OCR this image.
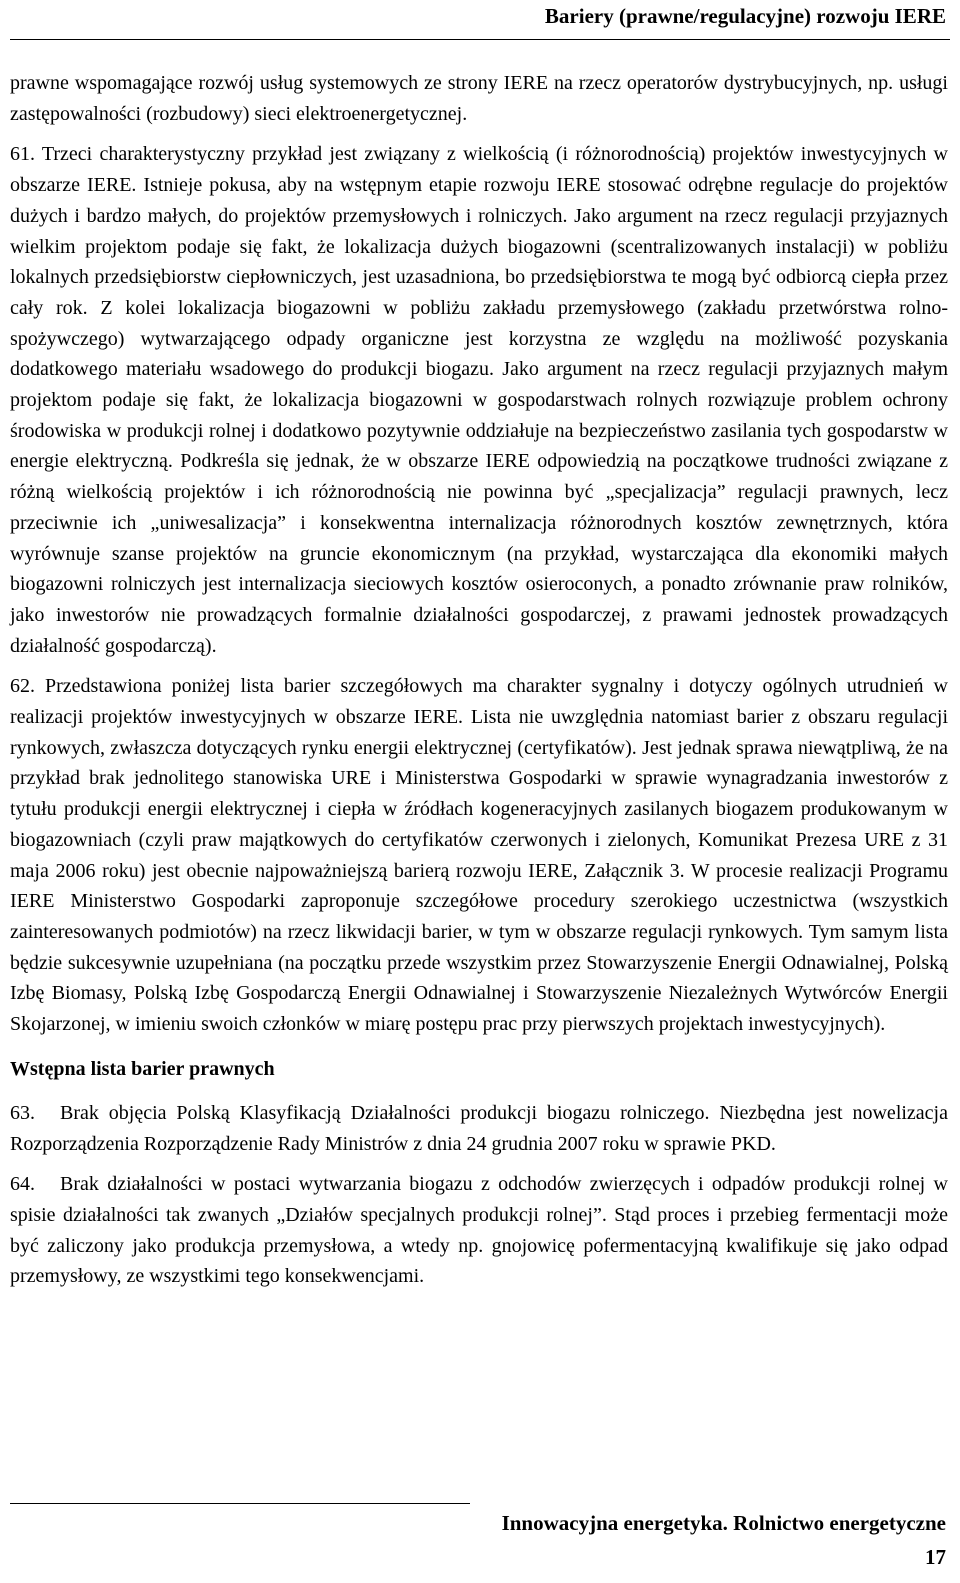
Bariery (prawne/regulacyjne) rozwoju IERE

prawne wspomagające rozwój usług systemowych ze strony IERE na rzecz operatorów dystrybucyjnych, np. usługi zastępowalności (rozbudowy) sieci elektroenergetycznej.

61. Trzeci charakterystyczny przykład jest związany z wielkością (i różnorodnością) projektów inwestycyjnych w obszarze IERE. Istnieje pokusa, aby na wstępnym etapie rozwoju IERE stosować odrębne regulacje do projektów dużych i bardzo małych, do projektów przemysłowych i rolniczych. Jako argument na rzecz regulacji przyjaznych wielkim projektom podaje się fakt, że lokalizacja dużych biogazowni (scentralizowanych instalacji) w pobliżu lokalnych przedsiębiorstw ciepłowniczych, jest uzasadniona, bo przedsiębiorstwa te mogą być odbiorcą ciepła przez cały rok. Z kolei lokalizacja biogazowni w pobliżu zakładu przemysłowego (zakładu przetwórstwa rolno-spożywczego) wytwarzającego odpady organiczne jest korzystna ze względu na możliwość pozyskania dodatkowego materiału wsadowego do produkcji biogazu. Jako argument na rzecz regulacji przyjaznych małym projektom podaje się fakt, że lokalizacja biogazowni w gospodarstwach rolnych rozwiązuje problem ochrony środowiska w produkcji rolnej i dodatkowo pozytywnie oddziałuje na bezpieczeństwo zasilania tych gospodarstw w energie elektryczną. Podkreśla się jednak, że w obszarze IERE odpowiedzią na początkowe trudności związane z różną wielkością projektów i ich różnorodnością nie powinna być „specjalizacja” regulacji prawnych, lecz przeciwnie ich „uniwesalizacja” i konsekwentna internalizacja różnorodnych kosztów zewnętrznych, która wyrównuje szanse projektów na gruncie ekonomicznym (na przykład, wystarczająca dla ekonomiki małych biogazowni rolniczych jest internalizacja sieciowych kosztów osieroconych, a ponadto zrównanie praw rolników, jako inwestorów nie prowadzących formalnie działalności gospodarczej, z prawami jednostek prowadzących działalność gospodarczą).

62. Przedstawiona poniżej lista barier szczegółowych ma charakter sygnalny i dotyczy ogólnych utrudnień w realizacji projektów inwestycyjnych w obszarze IERE. Lista nie uwzględnia natomiast barier z obszaru regulacji rynkowych, zwłaszcza dotyczących rynku energii elektrycznej (certyfikatów). Jest jednak sprawa niewątpliwą, że na przykład brak jednolitego stanowiska URE i Ministerstwa Gospodarki w sprawie wynagradzania inwestorów z tytułu produkcji energii elektrycznej i ciepła w źródłach kogeneracyjnych zasilanych biogazem produkowanym w biogazowniach (czyli praw majątkowych do certyfikatów czerwonych i zielonych, Komunikat Prezesa URE z 31 maja 2006 roku) jest obecnie najpoważniejszą barierą rozwoju IERE, Załącznik 3. W procesie realizacji Programu IERE Ministerstwo Gospodarki zaproponuje szczegółowe procedury szerokiego uczestnictwa (wszystkich zainteresowanych podmiotów) na rzecz likwidacji barier, w tym w obszarze regulacji rynkowych. Tym samym lista będzie sukcesywnie uzupełniana (na początku przede wszystkim przez Stowarzyszenie Energii Odnawialnej, Polską Izbę Biomasy, Polską Izbę Gospodarczą Energii Odnawialnej i Stowarzyszenie Niezależnych Wytwórców Energii Skojarzonej, w imieniu swoich członków w miarę postępu prac przy pierwszych projektach inwestycyjnych).

Wstępna lista barier prawnych

63. Brak objęcia Polską Klasyfikacją Działalności produkcji biogazu rolniczego. Niezbędna jest nowelizacja Rozporządzenia Rozporządzenie Rady Ministrów z dnia 24 grudnia 2007 roku w sprawie PKD.

64. Brak działalności w postaci wytwarzania biogazu z odchodów zwierzęcych i odpadów produkcji rolnej w spisie działalności tak zwanych „Działów specjalnych produkcji rolnej”. Stąd proces i przebieg fermentacji może być zaliczony jako produkcja przemysłowa, a wtedy np. gnojowicę pofermentacyjną kwalifikuje się jako odpad przemysłowy, ze wszystkimi tego konsekwencjami.

Innowacyjna energetyka. Rolnictwo energetyczne
17
